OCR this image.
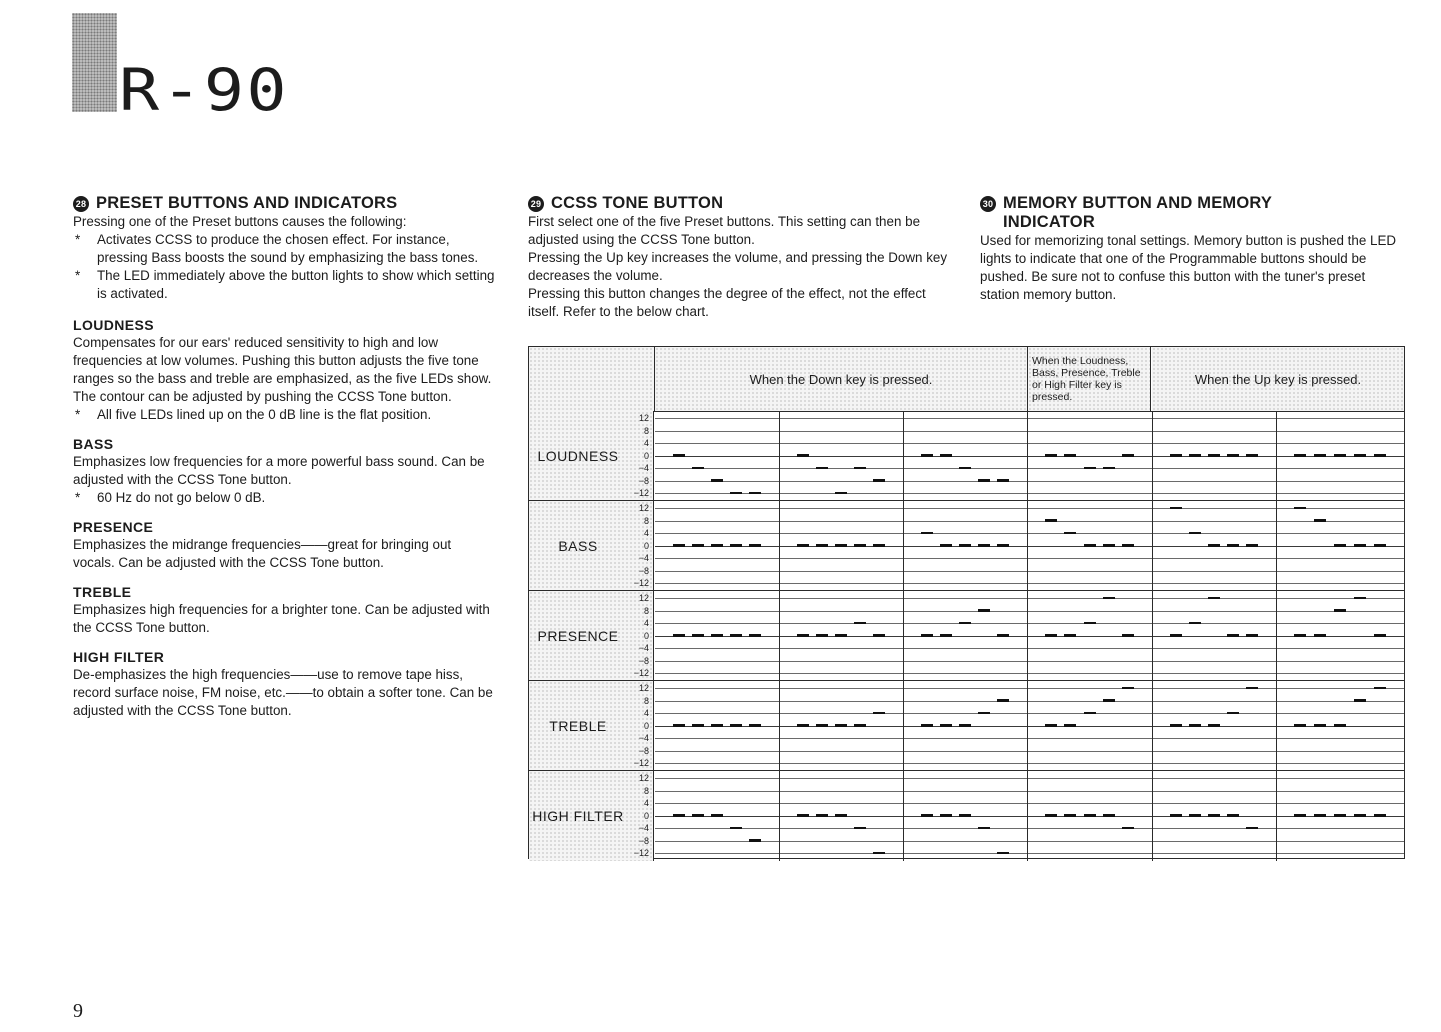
R-90
28 PRESET BUTTONS AND INDICATORS

Pressing one of the Preset buttons causes the following:

* Activates CCSS to produce the chosen effect. For instance, pressing Bass boosts the sound by emphasizing the bass tones.
* The LED immediately above the button lights to show which setting is activated.
LOUDNESS

Compensates for our ears' reduced sensitivity to high and low frequencies at low volumes. Pushing this button adjusts the five tone ranges so the bass and treble are emphasized, as the five LEDs show. The contour can be adjusted by pushing the CCSS Tone button.

* All five LEDs lined up on the 0 dB line is the flat position.
BASS

Emphasizes low frequencies for a more powerful bass sound. Can be adjusted with the CCSS Tone button.

* 60 Hz do not go below 0 dB.
PRESENCE

Emphasizes the midrange frequencies——great for bringing out vocals. Can be adjusted with the CCSS Tone button.

TREBLE

Emphasizes high frequencies for a brighter tone. Can be adjusted with the CCSS Tone button.

HIGH FILTER

De-emphasizes the high frequencies——use to remove tape hiss, record surface noise, FM noise, etc.——to obtain a softer tone. Can be adjusted with the CCSS Tone button.

29 CCSS TONE BUTTON

First select one of the five Preset buttons. This setting can then be adjusted using the CCSS Tone button.

Pressing the Up key increases the volume, and pressing the Down key decreases the volume.

Pressing this button changes the degree of the effect, not the effect itself. Refer to the below chart.

30 MEMORY BUTTON AND MEMORY
INDICATOR

Used for memorizing tonal settings. Memory button is pushed the LED lights to indicate that one of the Programmable buttons should be pushed. Be sure not to confuse this button with the tuner's preset station memory button.

When the Down key is pressed.
When the Loudness, Bass, Presence, Treble or High Filter key is pressed.
When the Up key is pressed.
LOUDNESS
12
8
4
0
−4
−8
−12
BASS
12
8
4
0
−4
−8
−12
PRESENCE
12
8
4
0
−4
−8
−12
TREBLE
12
8
4
0
−4
−8
−12
HIGH FILTER
12
8
4
0
−4
−8
−12
9
